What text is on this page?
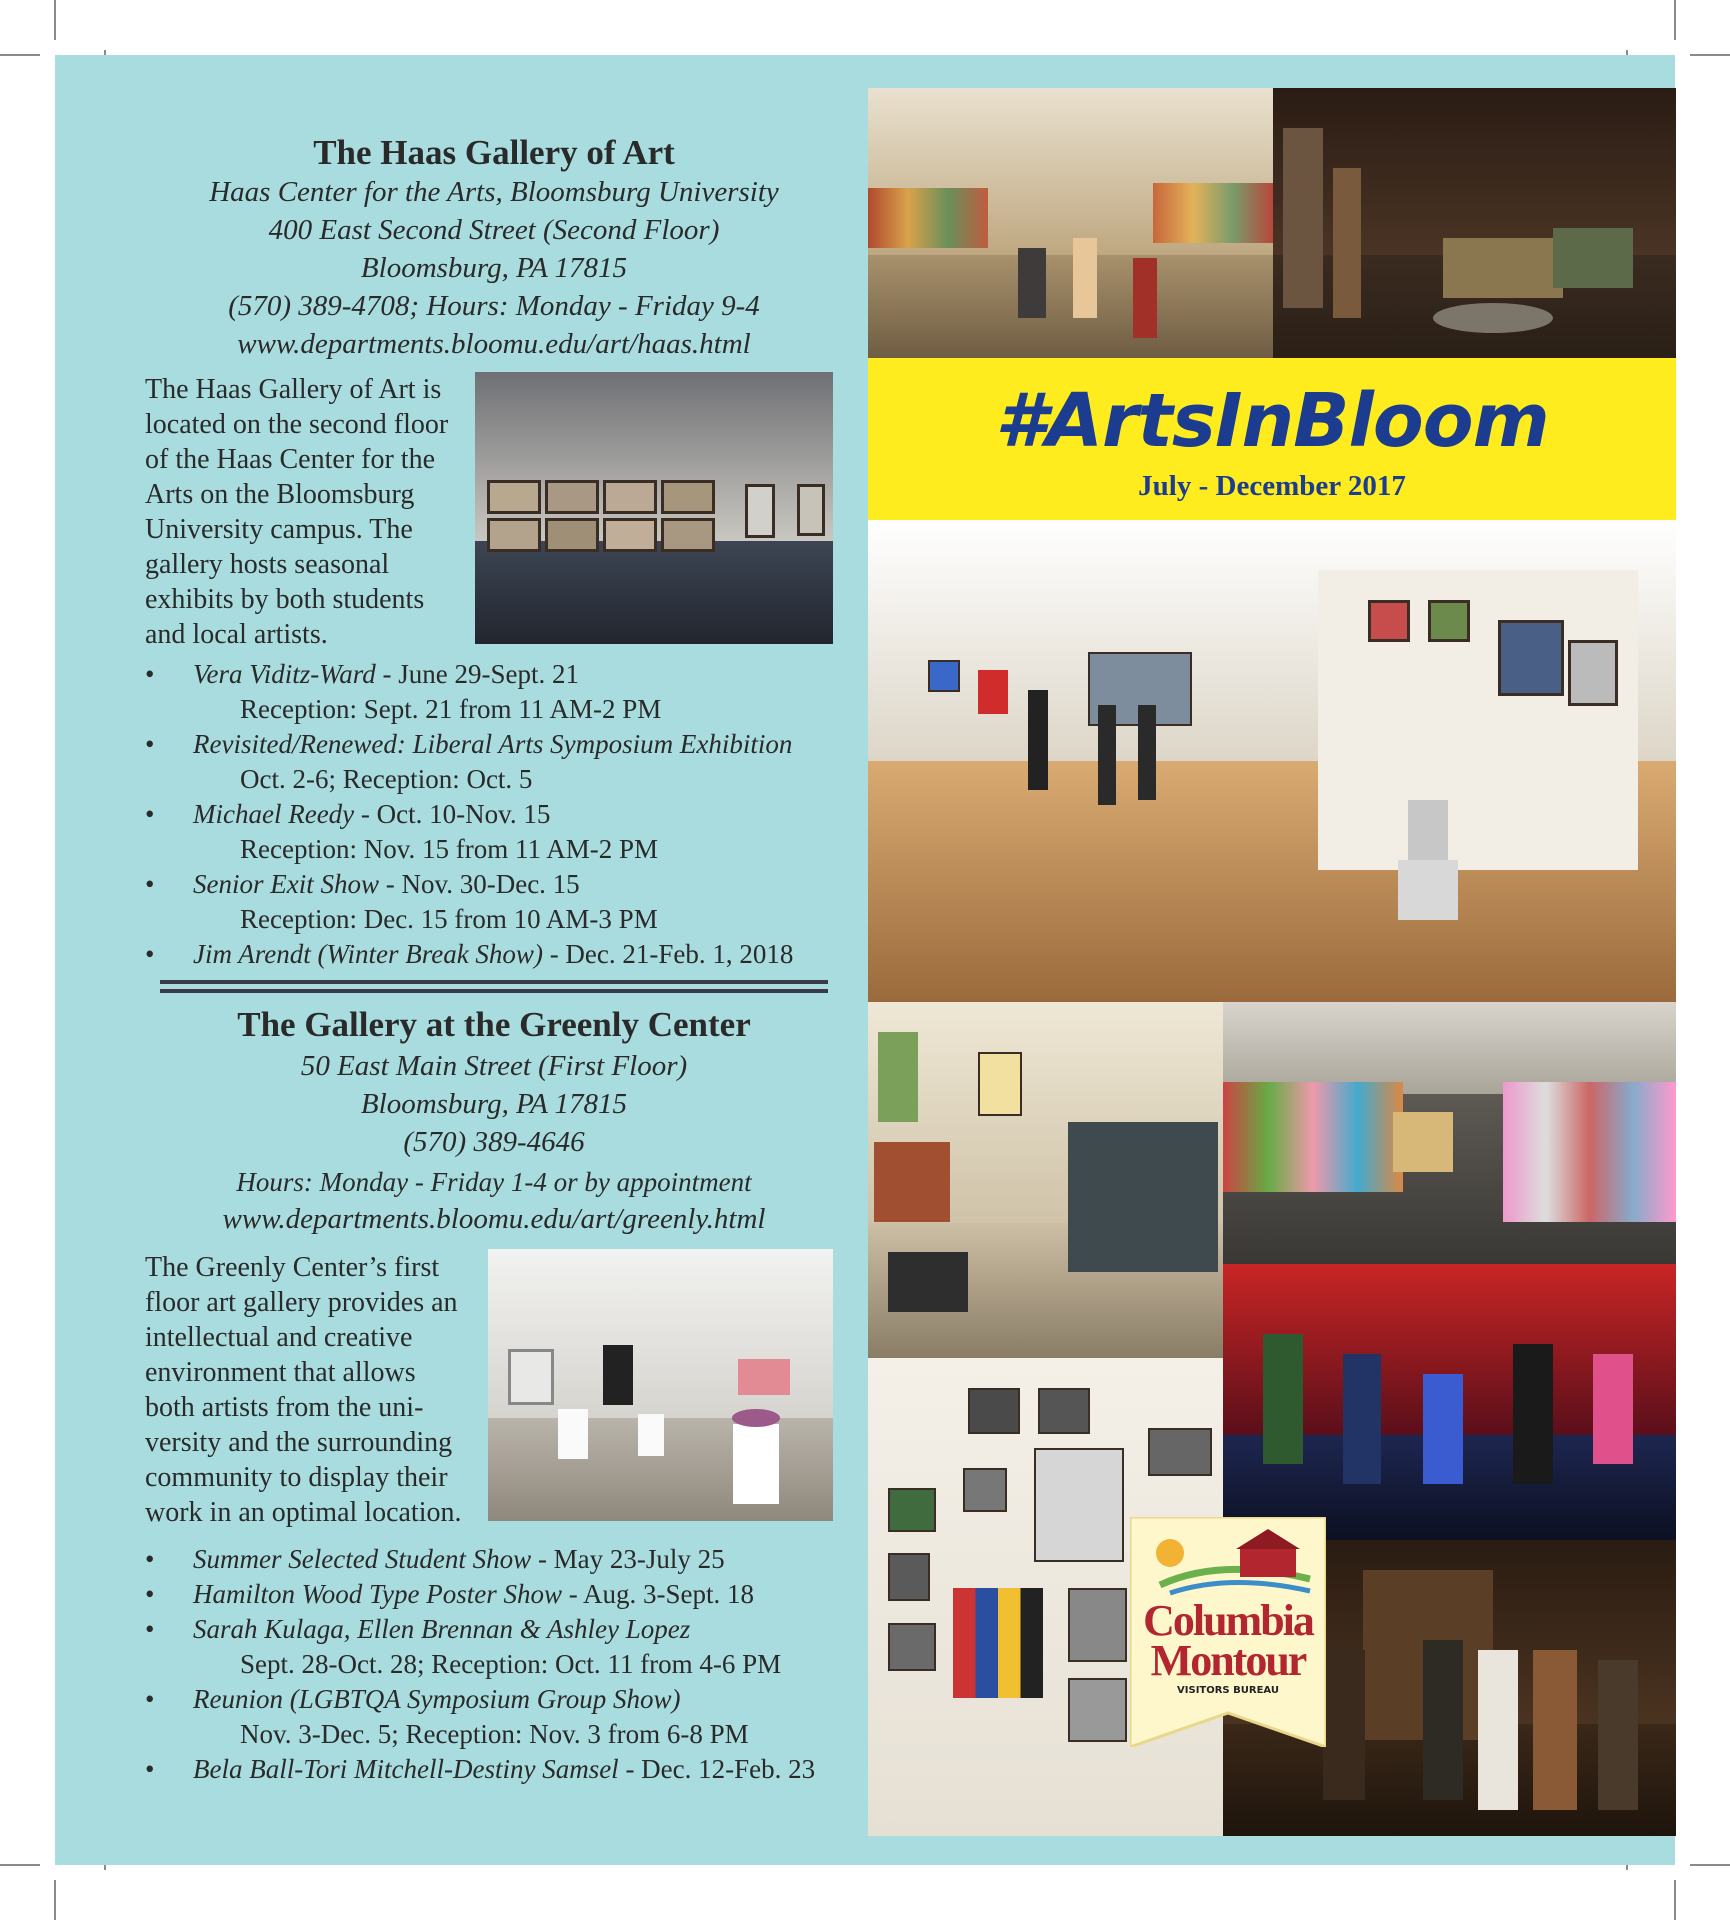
The Haas Gallery of Art
Haas Center for the Arts, Bloomsburg University
400 East Second Street (Second Floor)
Bloomsburg, PA 17815
(570) 389-4708; Hours: Monday - Friday 9-4
www.departments.bloomu.edu/art/haas.html
The Haas Gallery of Art is
located on the second floor
of the Haas Center for the
Arts on the Bloomsburg
University campus. The
gallery hosts seasonal
exhibits by both students
and local artists.
• Vera Viditz-Ward - June 29-Sept. 21
Reception: Sept. 21 from 11 AM-2 PM
• Revisited/Renewed: Liberal Arts Symposium Exhibition
Oct. 2-6; Reception: Oct. 5
• Michael Reedy - Oct. 10-Nov. 15
Reception: Nov. 15 from 11 AM-2 PM
• Senior Exit Show - Nov. 30-Dec. 15
Reception: Dec. 15 from 10 AM-3 PM
• Jim Arendt (Winter Break Show) - Dec. 21-Feb. 1, 2018
The Gallery at the Greenly Center
50 East Main Street (First Floor)
Bloomsburg, PA 17815
(570) 389-4646
Hours: Monday - Friday 1-4 or by appointment
www.departments.bloomu.edu/art/greenly.html
The Greenly Center’s first
floor art gallery provides an
intellectual and creative
environment that allows
both artists from the uni-
versity and the surrounding
community to display their
work in an optimal location.
• Summer Selected Student Show - May 23-July 25
• Hamilton Wood Type Poster Show - Aug. 3-Sept. 18
• Sarah Kulaga, Ellen Brennan & Ashley Lopez
Sept. 28-Oct. 28; Reception: Oct. 11 from 4-6 PM
• Reunion (LGBTQA Symposium Group Show)
Nov. 3-Dec. 5; Reception: Nov. 3 from 6-8 PM
• Bela Ball-Tori Mitchell-Destiny Samsel - Dec. 12-Feb. 23
#ArtsInBloom
July - December 2017
Columbia
Montour
VISITORS BUREAU
